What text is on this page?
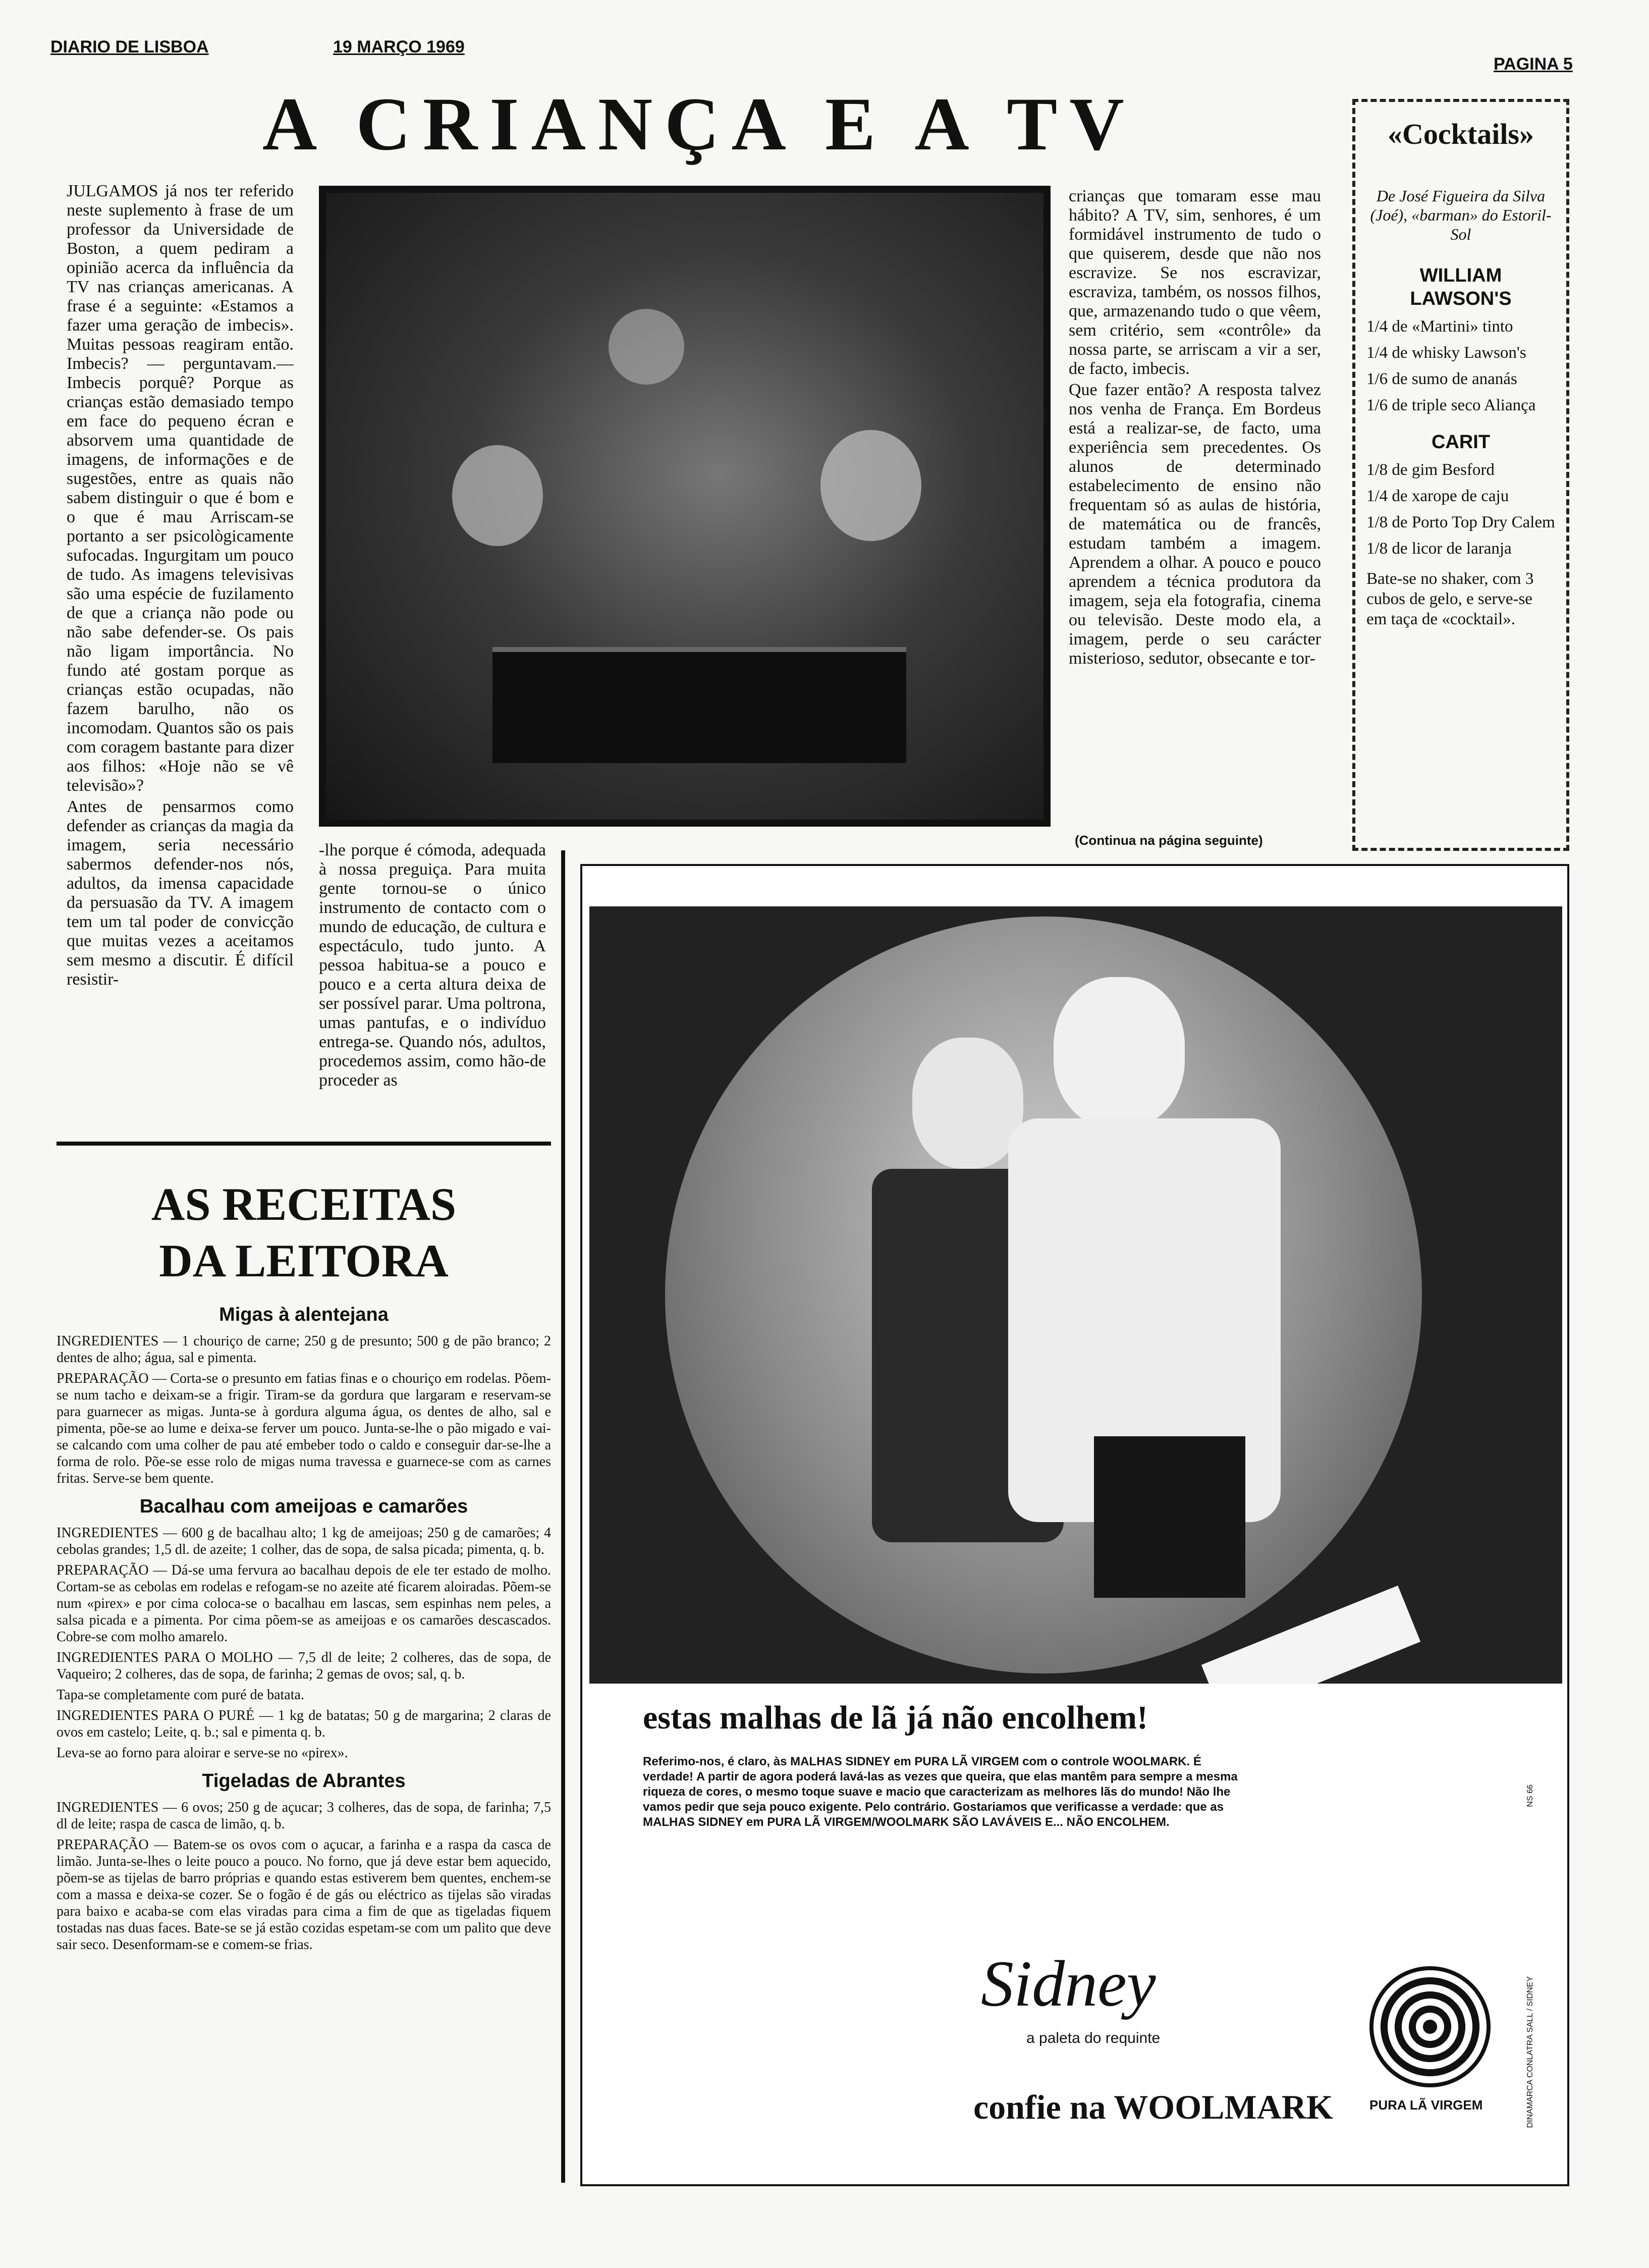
DIARIO DE LISBOA	19 MARÇO 1969
PAGINA 5
A CRIANÇA E A TV

JULGAMOS já nos ter referido neste suplemento à frase de um professor da Universidade de Boston, a quem pediram a opinião acerca da influência da TV nas crianças americanas. A frase é a seguinte: «Estamos a fazer uma geração de imbecis». Muitas pessoas reagiram então. Imbecis? — perguntavam.—Imbecis porquê? Porque as crianças estão demasiado tempo em face do pequeno écran e absorvem uma quantidade de imagens, de informações e de sugestões, entre as quais não sabem distinguir o que é bom e o que é mau Arriscam-se portanto a ser psicològicamente sufocadas. Ingurgitam um pouco de tudo. As imagens televisivas são uma espécie de fuzilamento de que a criança não pode ou não sabe defender-se. Os pais não ligam importância. No fundo até gostam porque as crianças estão ocupadas, não fazem barulho, não os incomodam. Quantos são os pais com coragem bastante para dizer aos filhos: «Hoje não se vê televisão»?

Antes de pensarmos como defender as crianças da magia da imagem, seria necessário sabermos defender-nos nós, adultos, da imensa capacidade da persuasão da TV. A imagem tem um tal poder de convicção que muitas vezes a aceitamos sem mesmo a discutir. É difícil resistir-

-lhe porque é cómoda, adequada à nossa preguiça. Para muita gente tornou-se o único instrumento de contacto com o mundo de educação, de cultura e espectáculo, tudo junto. A pessoa habitua-se a pouco e pouco e a certa altura deixa de ser possível parar. Uma poltrona, umas pantufas, e o indivíduo entrega-se. Quando nós, adultos, procedemos assim, como hão-de proceder as

crianças que tomaram esse mau hábito? A TV, sim, senhores, é um formidável instrumento de tudo o que quiserem, desde que não nos escravize. Se nos escravizar, escraviza, também, os nossos filhos, que, armazenando tudo o que vêem, sem critério, sem «contrôle» da nossa parte, se arriscam a vir a ser, de facto, imbecis.

Que fazer então? A resposta talvez nos venha de França. Em Bordeus está a realizar-se, de facto, uma experiência sem precedentes. Os alunos de determinado estabelecimento de ensino não frequentam só as aulas de história, de matemática ou de francês, estudam também a imagem. Aprendem a olhar. A pouco e pouco aprendem a técnica produtora da imagem, seja ela fotografia, cinema ou televisão. Deste modo ela, a imagem, perde o seu carácter misterioso, sedutor, obsecante e tor-

(Continua na página seguinte)
«Cocktails»
De José Figueira da Silva (Joé), «barman» do Estoril-Sol
WILLIAM LAWSON'S
1/4 de «Martini» tinto
1/4 de whisky Lawson's
1/6 de sumo de ananás
1/6 de triple seco Aliança
CARIT
1/8 de gim Besford
1/4 de xarope de caju
1/8 de Porto Top Dry Calem
1/8 de licor de laranja
Bate-se no shaker, com 3 cubos de gelo, e serve-se em taça de «cocktail».
AS RECEITAS
DA LEITORA
Migas à alentejana

INGREDIENTES — 1 chouriço de carne; 250 g de presunto; 500 g de pão branco; 2 dentes de alho; água, sal e pimenta.

PREPARAÇÃO — Corta-se o presunto em fatias finas e o chouriço em rodelas. Põem-se num tacho e deixam-se a frigir. Tiram-se da gordura que largaram e reservam-se para guarnecer as migas. Junta-se à gordura alguma água, os dentes de alho, sal e pimenta, põe-se ao lume e deixa-se ferver um pouco. Junta-se-lhe o pão migado e vai-se calcando com uma colher de pau até embeber todo o caldo e conseguir dar-se-lhe a forma de rolo. Põe-se esse rolo de migas numa travessa e guarnece-se com as carnes fritas. Serve-se bem quente.

Bacalhau com ameijoas e camarões

INGREDIENTES — 600 g de bacalhau alto; 1 kg de ameijoas; 250 g de camarões; 4 cebolas grandes; 1,5 dl. de azeite; 1 colher, das de sopa, de salsa picada; pimenta, q. b.

PREPARAÇÃO — Dá-se uma fervura ao bacalhau depois de ele ter estado de molho. Cortam-se as cebolas em rodelas e refogam-se no azeite até ficarem aloiradas. Põem-se num «pirex» e por cima coloca-se o bacalhau em lascas, sem espinhas nem peles, a salsa picada e a pimenta. Por cima põem-se as ameijoas e os camarões descascados. Cobre-se com molho amarelo.

INGREDIENTES PARA O MOLHO — 7,5 dl de leite; 2 colheres, das de sopa, de Vaqueiro; 2 colheres, das de sopa, de farinha; 2 gemas de ovos; sal, q. b.

Tapa-se completamente com puré de batata.

INGREDIENTES PARA O PURÉ — 1 kg de batatas; 50 g de margarina; 2 claras de ovos em castelo; Leite, q. b.; sal e pimenta q. b.

Leva-se ao forno para aloirar e serve-se no «pirex».

Tigeladas de Abrantes

INGREDIENTES — 6 ovos; 250 g de açucar; 3 colheres, das de sopa, de farinha; 7,5 dl de leite; raspa de casca de limão, q. b.

PREPARAÇÃO — Batem-se os ovos com o açucar, a farinha e a raspa da casca de limão. Junta-se-lhes o leite pouco a pouco. No forno, que já deve estar bem aquecido, põem-se as tijelas de barro próprias e quando estas estiverem bem quentes, enchem-se com a massa e deixa-se cozer. Se o fogão é de gás ou eléctrico as tijelas são viradas para baixo e acaba-se com elas viradas para cima a fim de que as tigeladas fiquem tostadas nas duas faces. Bate-se se já estão cozidas espetam-se com um palito que deve sair seco. Desenformam-se e comem-se frias.

estas malhas de lã já não encolhem!
Referimo-nos, é claro, às MALHAS SIDNEY em PURA LÃ VIRGEM com o controle WOOLMARK. É verdade! A partir de agora poderá lavá-las as vezes que queira, que elas mantêm para sempre a mesma riqueza de cores, o mesmo toque suave e macio que caracterizam as melhores lãs do mundo! Não lhe vamos pedir que seja pouco exigente. Pelo contrário. Gostariamos que verificasse a verdade: que as MALHAS SIDNEY em PURA LÃ VIRGEM/WOOLMARK SÃO LAVÁVEIS E... NÃO ENCOLHEM.
Sidney
a paleta do requinte
confie na WOOLMARK	PURA LÃ VIRGEM	DINAMARCA CONLATRA SALL / SIDNEY
NS 66
